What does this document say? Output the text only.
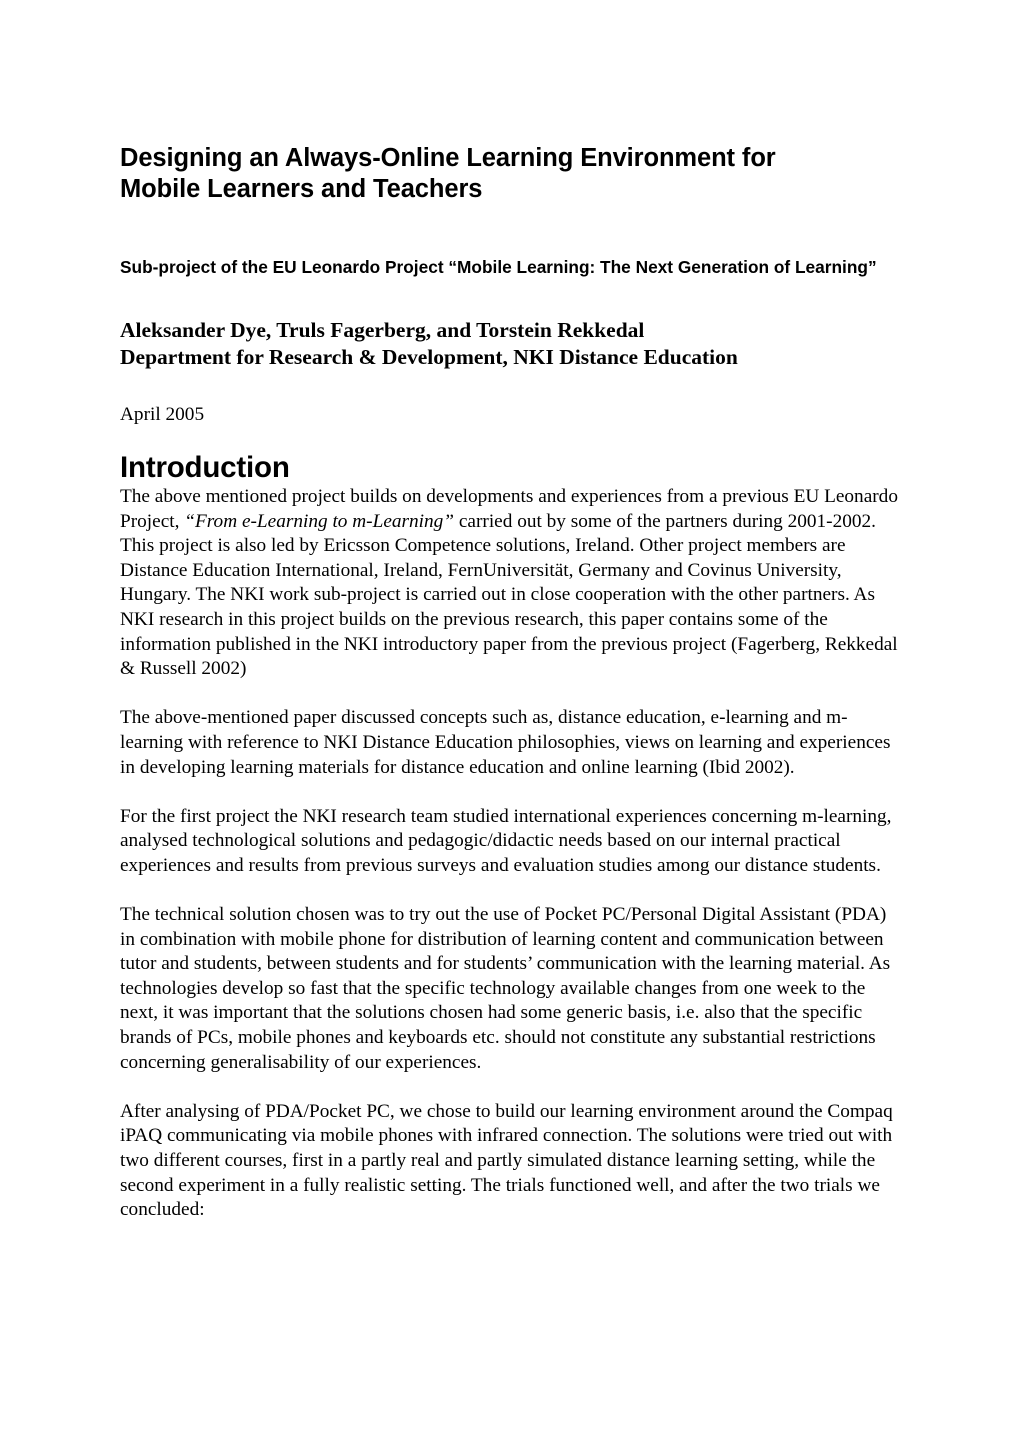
Designing an Always-Online Learning Environment for Mobile Learners and Teachers
Sub-project of the EU Leonardo Project “Mobile Learning: The Next Generation of Learning”
Aleksander Dye, Truls Fagerberg, and Torstein Rekkedal
Department for Research & Development, NKI Distance Education

April 2005

Introduction

The above mentioned project builds on developments and experiences from a previous EU Leonardo Project, “From e-Learning to m-Learning” carried out by some of the partners during 2001-2002. This project is also led by Ericsson Competence solutions, Ireland. Other project members are Distance Education International, Ireland, FernUniversität, Germany and Covinus University, Hungary. The NKI work sub-project is carried out in close cooperation with the other partners. As NKI research in this project builds on the previous research, this paper contains some of the information published in the NKI introductory paper from the previous project (Fagerberg, Rekkedal & Russell 2002)

The above-mentioned paper discussed concepts such as, distance education, e-learning and m-learning with reference to NKI Distance Education philosophies, views on learning and experiences in developing learning materials for distance education and online learning (Ibid 2002).

For the first project the NKI research team studied international experiences concerning m-learning, analysed technological solutions and pedagogic/didactic needs based on our internal practical experiences and results from previous surveys and evaluation studies among our distance students.

The technical solution chosen was to try out the use of Pocket PC/Personal Digital Assistant (PDA) in combination with mobile phone for distribution of learning content and communication between tutor and students, between students and for students’ communication with the learning material. As technologies develop so fast that the specific technology available changes from one week to the next, it was important that the solutions chosen had some generic basis, i.e. also that the specific brands of PCs, mobile phones and keyboards etc. should not constitute any substantial restrictions concerning generalisability of our experiences.

After analysing of PDA/Pocket PC, we chose to build our learning environment around the Compaq iPAQ communicating via mobile phones with infrared connection. The solutions were tried out with two different courses, first in a partly real and partly simulated distance learning setting, while the second experiment in a fully realistic setting. The trials functioned well, and after the two trials we concluded:
